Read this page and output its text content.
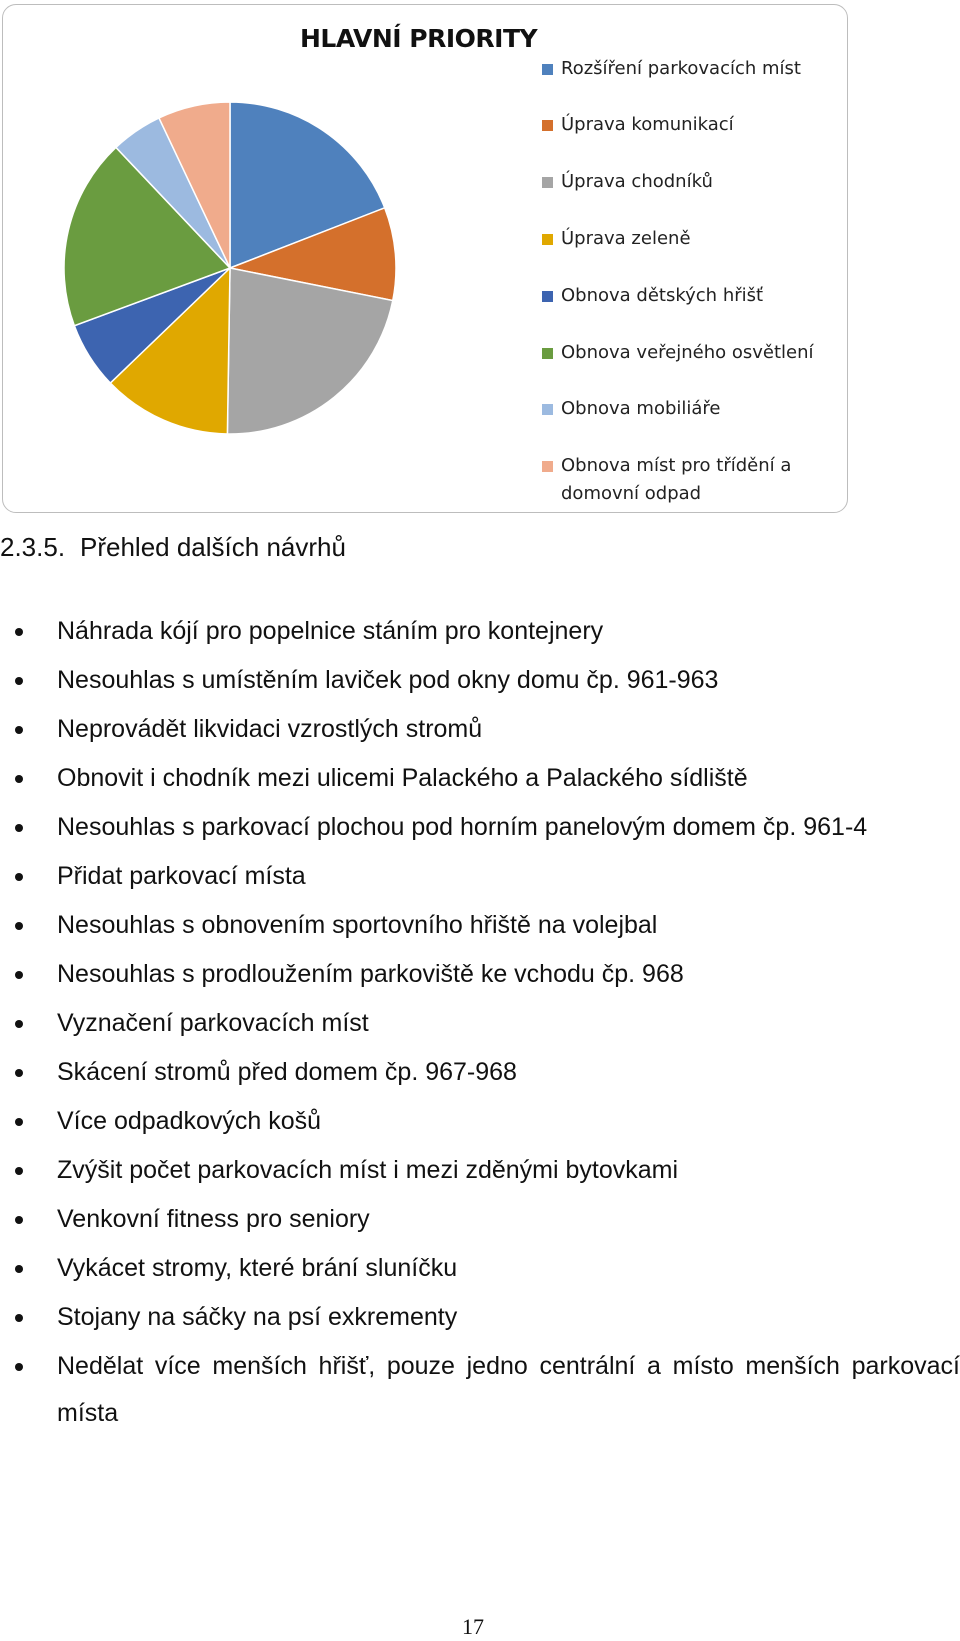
HLAVNÍ PRIORITY
Rozšíření parkovacích míst
Úprava komunikací
Úprava chodníků
Úprava zeleně
Obnova dětských hřišť
Obnova veřejného osvětlení
Obnova mobiliáře
Obnova míst pro třídění a domovní odpad
2.3.5. Přehled dalších návrhů
Náhrada kójí pro popelnice stáním pro kontejnery
Nesouhlas s umístěním laviček pod okny domu čp. 961-963
Neprovádět likvidaci vzrostlých stromů
Obnovit i chodník mezi ulicemi Palackého a Palackého sídliště
Nesouhlas s parkovací plochou pod horním panelovým domem čp. 961-4
Přidat parkovací místa
Nesouhlas s obnovením sportovního hřiště na volejbal
Nesouhlas s prodloužením parkoviště ke vchodu čp. 968
Vyznačení parkovacích míst
Skácení stromů před domem čp. 967-968
Více odpadkových košů
Zvýšit počet parkovacích míst i mezi zděnými bytovkami
Venkovní fitness pro seniory
Vykácet stromy, které brání sluníčku
Stojany na sáčky na psí exkrementy
Nedělat více menších hřišť, pouze jedno centrální a místo menších parkovací místa
17
